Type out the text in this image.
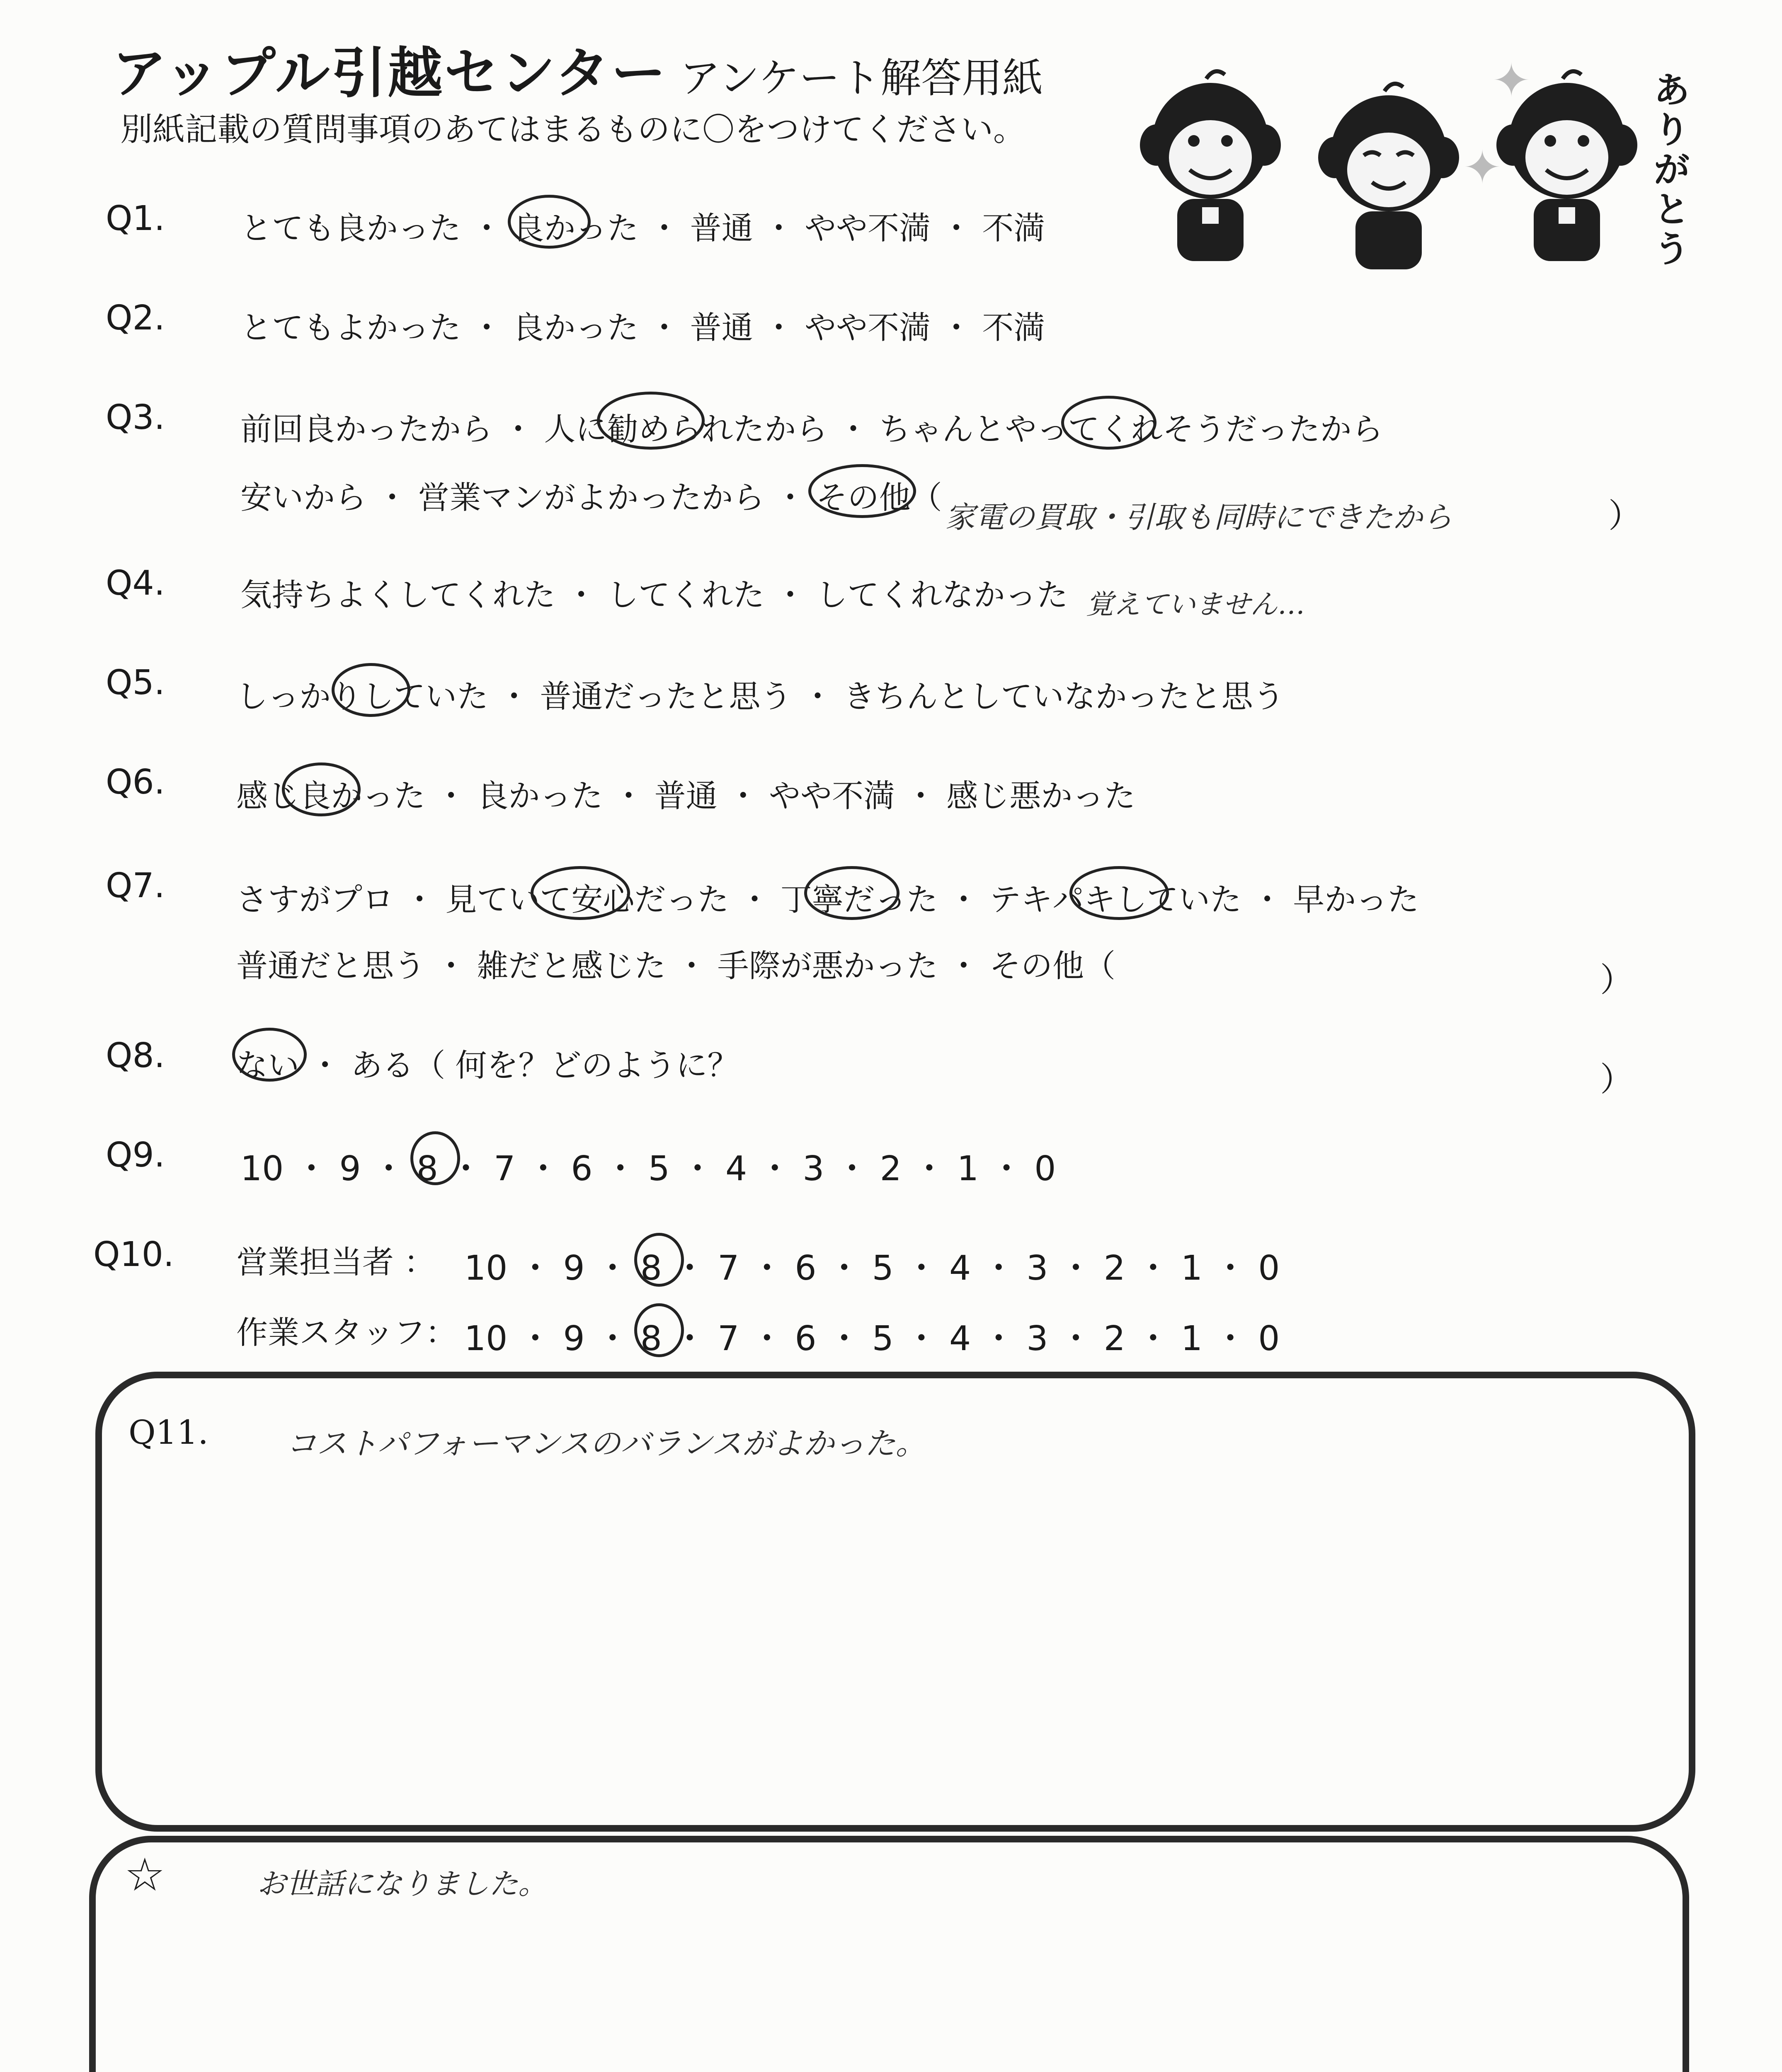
アップル引越センター アンケート解答用紙
別紙記載の質問事項のあてはまるものに〇をつけてください。
✦
✦
ありがとう
Q1. とても良かった ・ 良かった ・ 普通 ・ やや不満 ・ 不満
Q2. とてもよかった ・ 良かった ・ 普通 ・ やや不満 ・ 不満
Q3. 前回良かったから ・ 人に勧められたから ・ ちゃんとやってくれそうだったから
安いから ・ 営業マンがよかったから ・ その他（
家電の買取・引取も同時にできたから	）
Q4. 気持ちよくしてくれた ・ してくれた ・ してくれなかった 覚えていません…
Q5. しっかりしていた ・ 普通だったと思う ・ きちんとしていなかったと思う
Q6. 感じ良かった ・ 良かった ・ 普通 ・ やや不満 ・ 感じ悪かった
Q7. さすがプロ ・ 見ていて安心だった ・ 丁寧だった ・ テキパキしていた ・ 早かった
普通だと思う ・ 雑だと感じた ・ 手際が悪かった ・ その他（	）
Q8. ない ・ ある（ 何を？どのように？	）
Q9. 10 ・ 9 ・ 8 ・ 7 ・ 6 ・ 5 ・ 4 ・ 3 ・ 2 ・ 1 ・ 0
Q10. 営業担当者 ： 10 ・ 9 ・ 8 ・ 7 ・ 6 ・ 5 ・ 4 ・ 3 ・ 2 ・ 1 ・ 0
作業スタッフ： 10 ・ 9 ・ 8 ・ 7 ・ 6 ・ 5 ・ 4 ・ 3 ・ 2 ・ 1 ・ 0
Q11.	コストパフォーマンスのバランスがよかった。
☆	お世話になりました。
